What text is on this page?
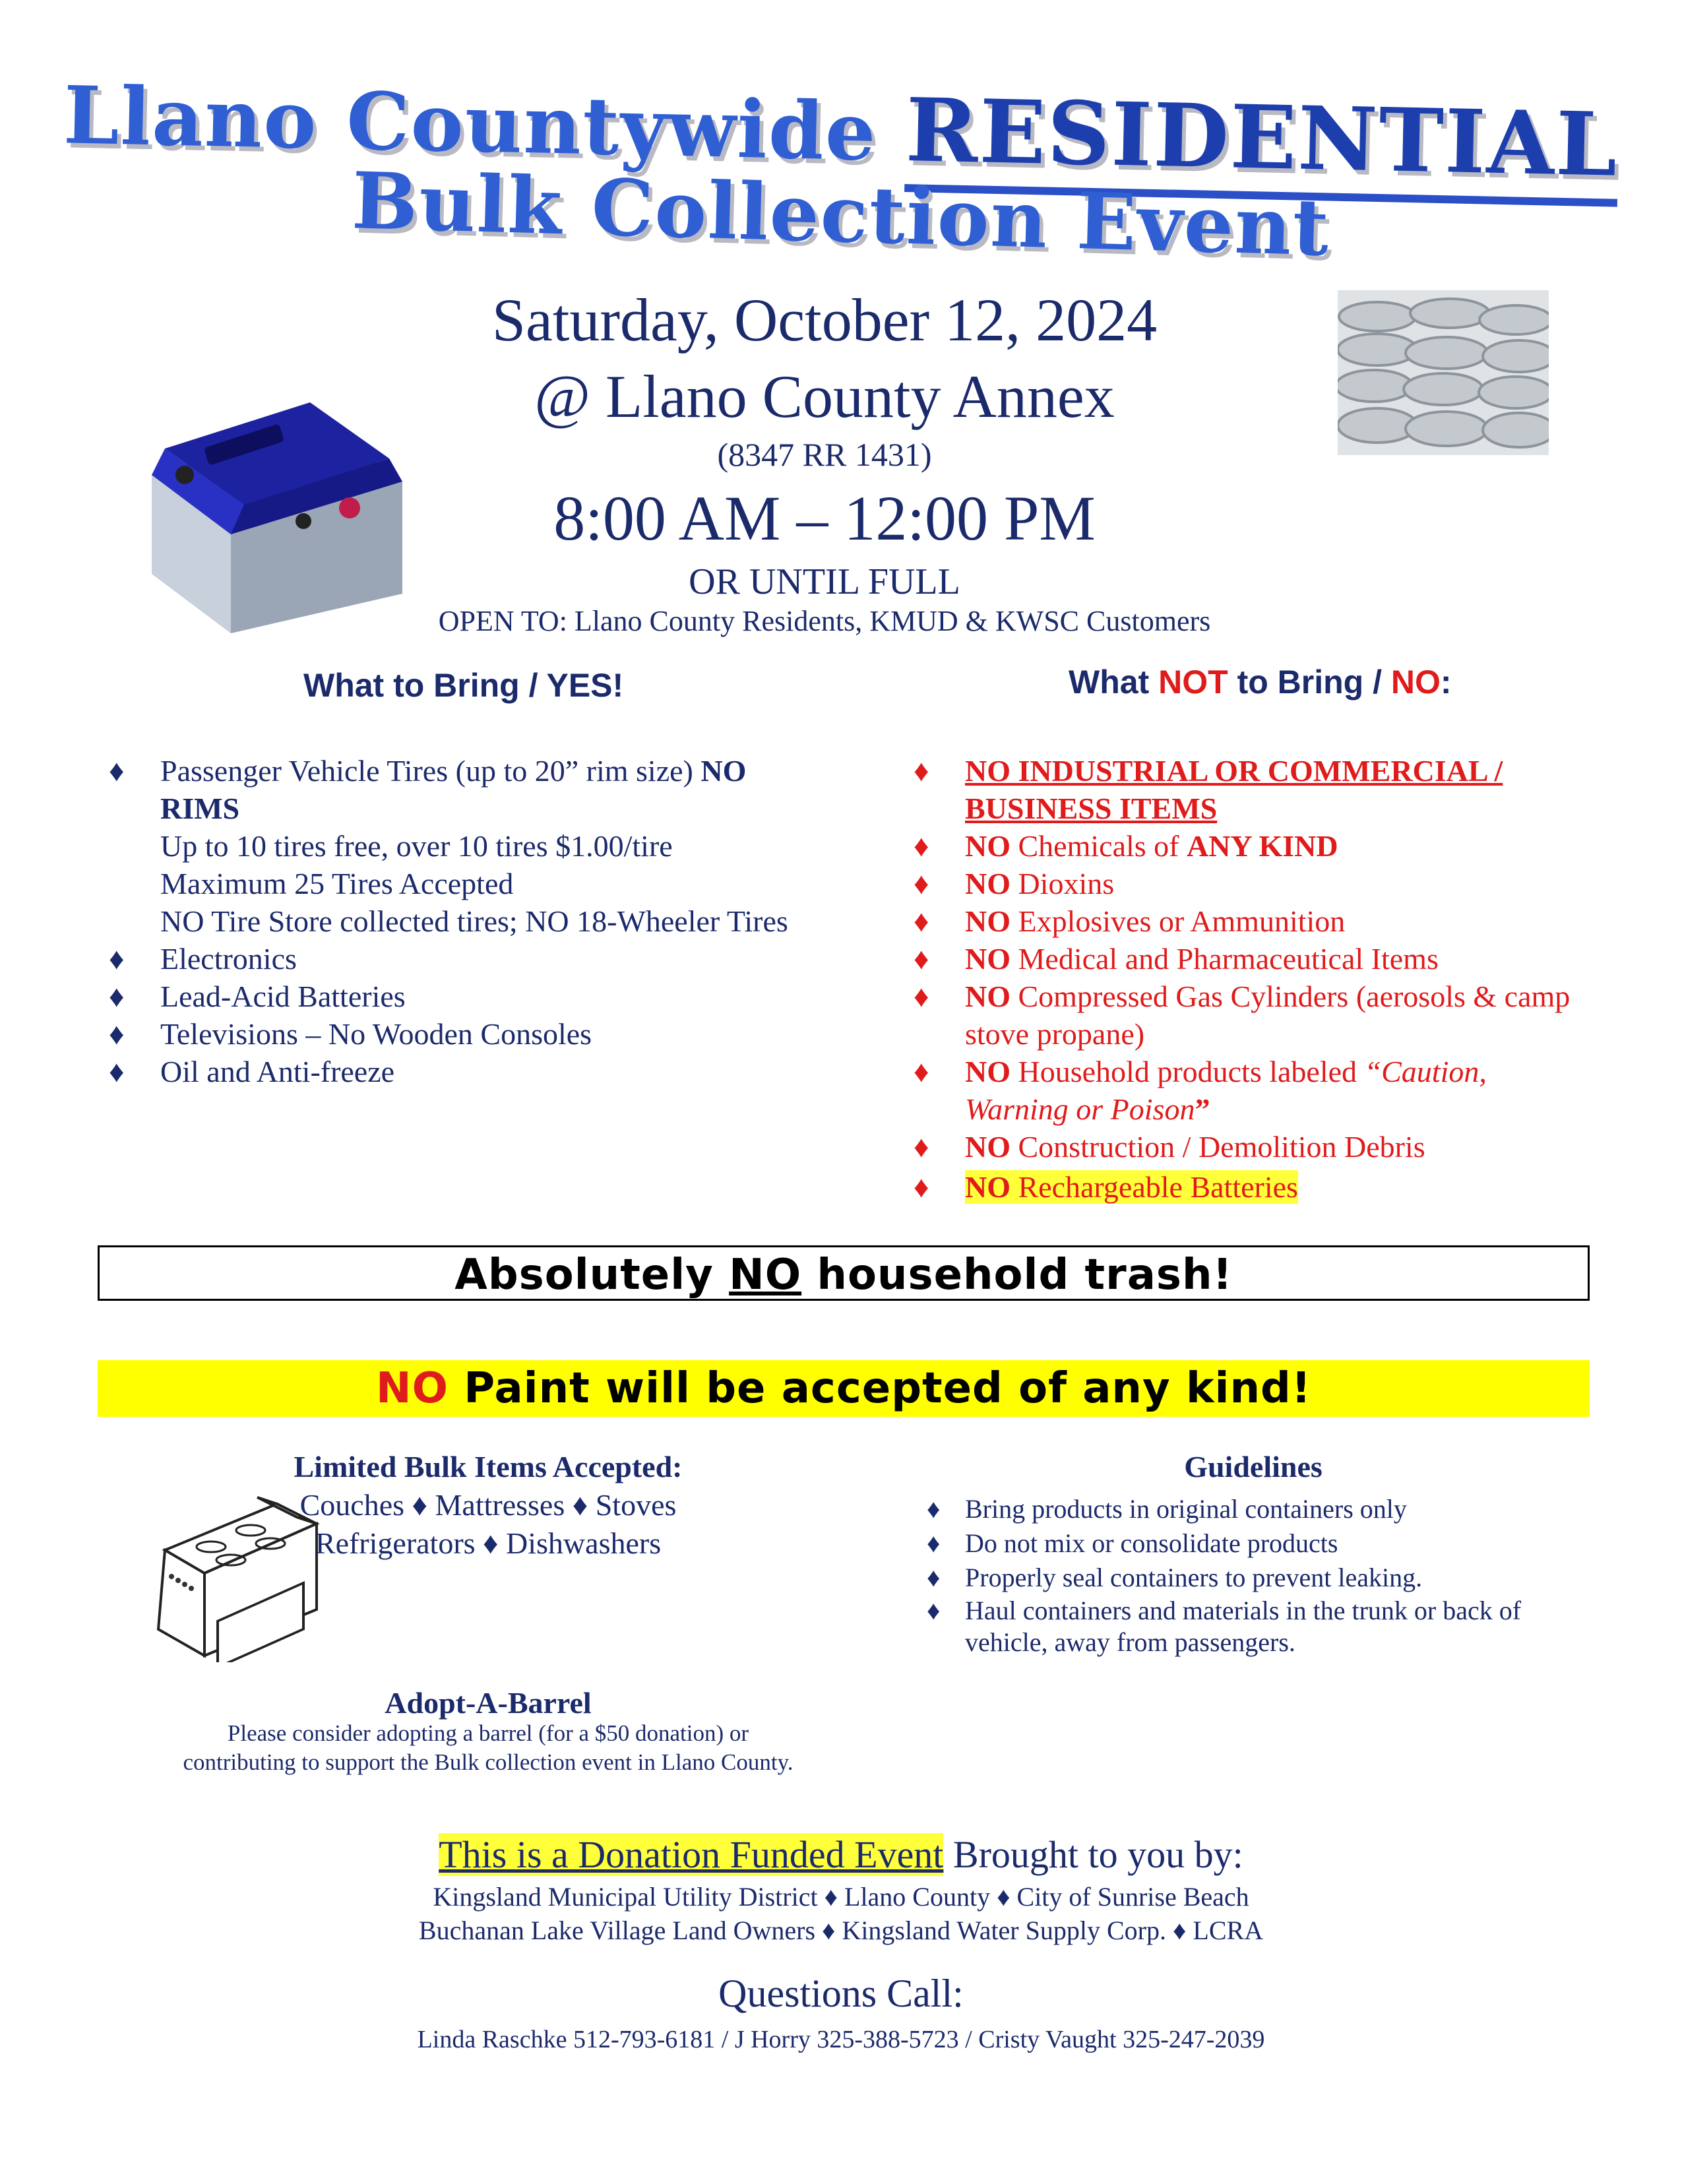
Llano Countywide RESIDENTIAL
Bulk Collection Event
Saturday, October 12, 2024
@ Llano County Annex
(8347 RR 1431)
8:00 AM – 12:00 PM
OR UNTIL FULL
OPEN TO: Llano County Residents, KMUD & KWSC Customers
What to Bring / YES!
♦ Passenger Vehicle Tires (up to 20” rim size) NO RIMS
Up to 10 tires free, over 10 tires $1.00/tire
Maximum 25 Tires Accepted
NO Tire Store collected tires; NO 18-Wheeler Tires
♦ Electronics
♦ Lead-Acid Batteries
♦ Televisions – No Wooden Consoles
♦ Oil and Anti-freeze
What NOT to Bring / NO:
♦ NO INDUSTRIAL OR COMMERCIAL / BUSINESS ITEMS
♦ NO Chemicals of ANY KIND
♦ NO Dioxins
♦ NO Explosives or Ammunition
♦ NO Medical and Pharmaceutical Items
♦ NO Compressed Gas Cylinders (aerosols & camp stove propane)
♦ NO Household products labeled “Caution, Warning or Poison”
♦ NO Construction / Demolition Debris
♦ NO Rechargeable Batteries
Absolutely NO household trash!
NO Paint will be accepted of any kind!
Limited Bulk Items Accepted:
Couches ♦ Mattresses ♦ Stoves
Refrigerators ♦ Dishwashers
Guidelines
♦ Bring products in original containers only
♦ Do not mix or consolidate products
♦ Properly seal containers to prevent leaking.
♦ Haul containers and materials in the trunk or back of vehicle, away from passengers.
Adopt-A-Barrel
Please consider adopting a barrel (for a $50 donation) or
contributing to support the Bulk collection event in Llano County.
This is a Donation Funded Event Brought to you by:
Kingsland Municipal Utility District ♦ Llano County ♦ City of Sunrise Beach
Buchanan Lake Village Land Owners ♦ Kingsland Water Supply Corp. ♦ LCRA
Questions Call:
Linda Raschke 512-793-6181 / J Horry 325-388-5723 / Cristy Vaught 325-247-2039
